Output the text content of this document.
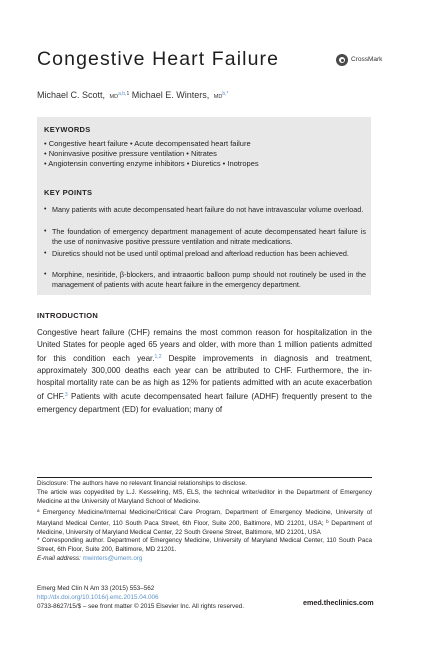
Congestive Heart Failure	CrossMark
Michael C. Scott, MD$^{a,b,1}$ Michael E. Winters, MD$^{b,*}$
KEYWORDS
• Congestive heart failure • Acute decompensated heart failure
• Noninvasive positive pressure ventilation • Nitrates
• Angiotensin converting enzyme inhibitors • Diuretics • Inotropes
KEY POINTS
• Many patients with acute decompensated heart failure do not have intravascular volume overload.
• The foundation of emergency department management of acute decompensated heart failure is the use of noninvasive positive pressure ventilation and nitrate medications.
• Diuretics should not be used until optimal preload and afterload reduction has been achieved.
• Morphine, nesiritide, β-blockers, and intraaortic balloon pump should not routinely be used in the management of patients with acute heart failure in the emergency department.
INTRODUCTION
Congestive heart failure (CHF) remains the most common reason for hospitalization in the United States for people aged 65 years and older, with more than 1 million patients admitted for this condition each year.$^{1,2}$ Despite improvements in diagnosis and treatment, approximately 300,000 deaths each year can be attributed to CHF. Furthermore, the in-hospital mortality rate can be as high as 12% for patients admitted with an acute exacerbation of CHF.$^3$ Patients with acute decompensated heart failure (ADHF) frequently present to the emergency department (ED) for evaluation; many of

Disclosure: The authors have no relevant financial relationships to disclose.

The article was copyedited by L.J. Kesselring, MS, ELS, the technical writer/editor in the Department of Emergency Medicine at the University of Maryland School of Medicine.

$^a$ Emergency Medicine/Internal Medicine/Critical Care Program, Department of Emergency Medicine, University of Maryland Medical Center, 110 South Paca Street, 6th Floor, Suite 200, Baltimore, MD 21201, USA; $^b$ Department of Medicine, University of Maryland Medical Center, 22 South Greene Street, Baltimore, MD 21201, USA

* Corresponding author. Department of Emergency Medicine, University of Maryland Medical Center, 110 South Paca Street, 6th Floor, Suite 200, Baltimore, MD 21201.

E-mail address: mwinters@umem.org

Emerg Med Clin N Am 33 (2015) 553–562
http://dx.doi.org/10.1016/j.emc.2015.04.006
0733-8627/15/$ – see front matter © 2015 Elsevier Inc. All rights reserved.	emed.theclinics.com
